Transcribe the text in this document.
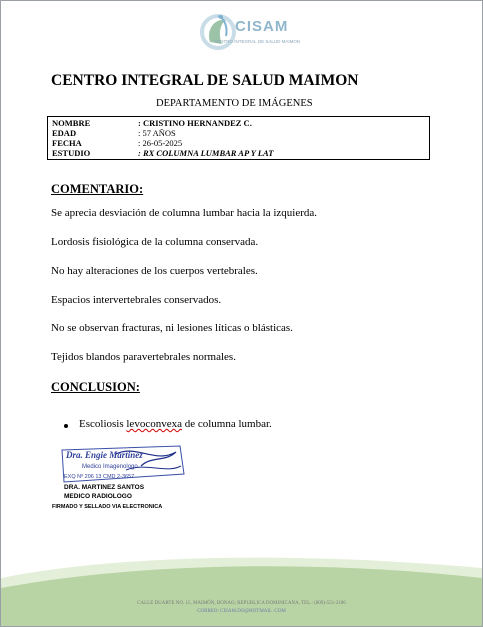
CISAM
CENTRO INTEGRAL DE SALUD MAIMON
CENTRO INTEGRAL DE SALUD MAIMON
DEPARTAMENTO DE IMÁGENES
NOMBRE	: CRISTINO HERNANDEZ C.
EDAD	: 57 AÑOS
FECHA	: 26-05-2025
ESTUDIO	: RX COLUMNA LUMBAR AP Y LAT
COMENTARIO:
Se aprecia desviación de columna lumbar hacia la izquierda.
Lordosis fisiológica de la columna conservada.
No hay alteraciones de los cuerpos vertebrales.
Espacios intervertebrales conservados.
No se observan fracturas, ni lesiones líticas o blásticas.
Tejidos blandos paravertebrales normales.
CONCLUSION:
Escoliosis levoconvexa de columna lumbar.
Dra. Engie Martinez
Medico Imagenologo
EXQ Nº 206 13 CMD 2-3657
DRA. MARTINEZ SANTOS
MEDICO RADIOLOGO
FIRMADO Y SELLADO VIA ELECTRONICA
CALLE DUARTE NO. 15, MAIMÓN, BONAO, REPUBLICA DOMINICANA, TEL.: (809)-551-2186
CORREO: CISAM.DO@HOTMAIL .COM
